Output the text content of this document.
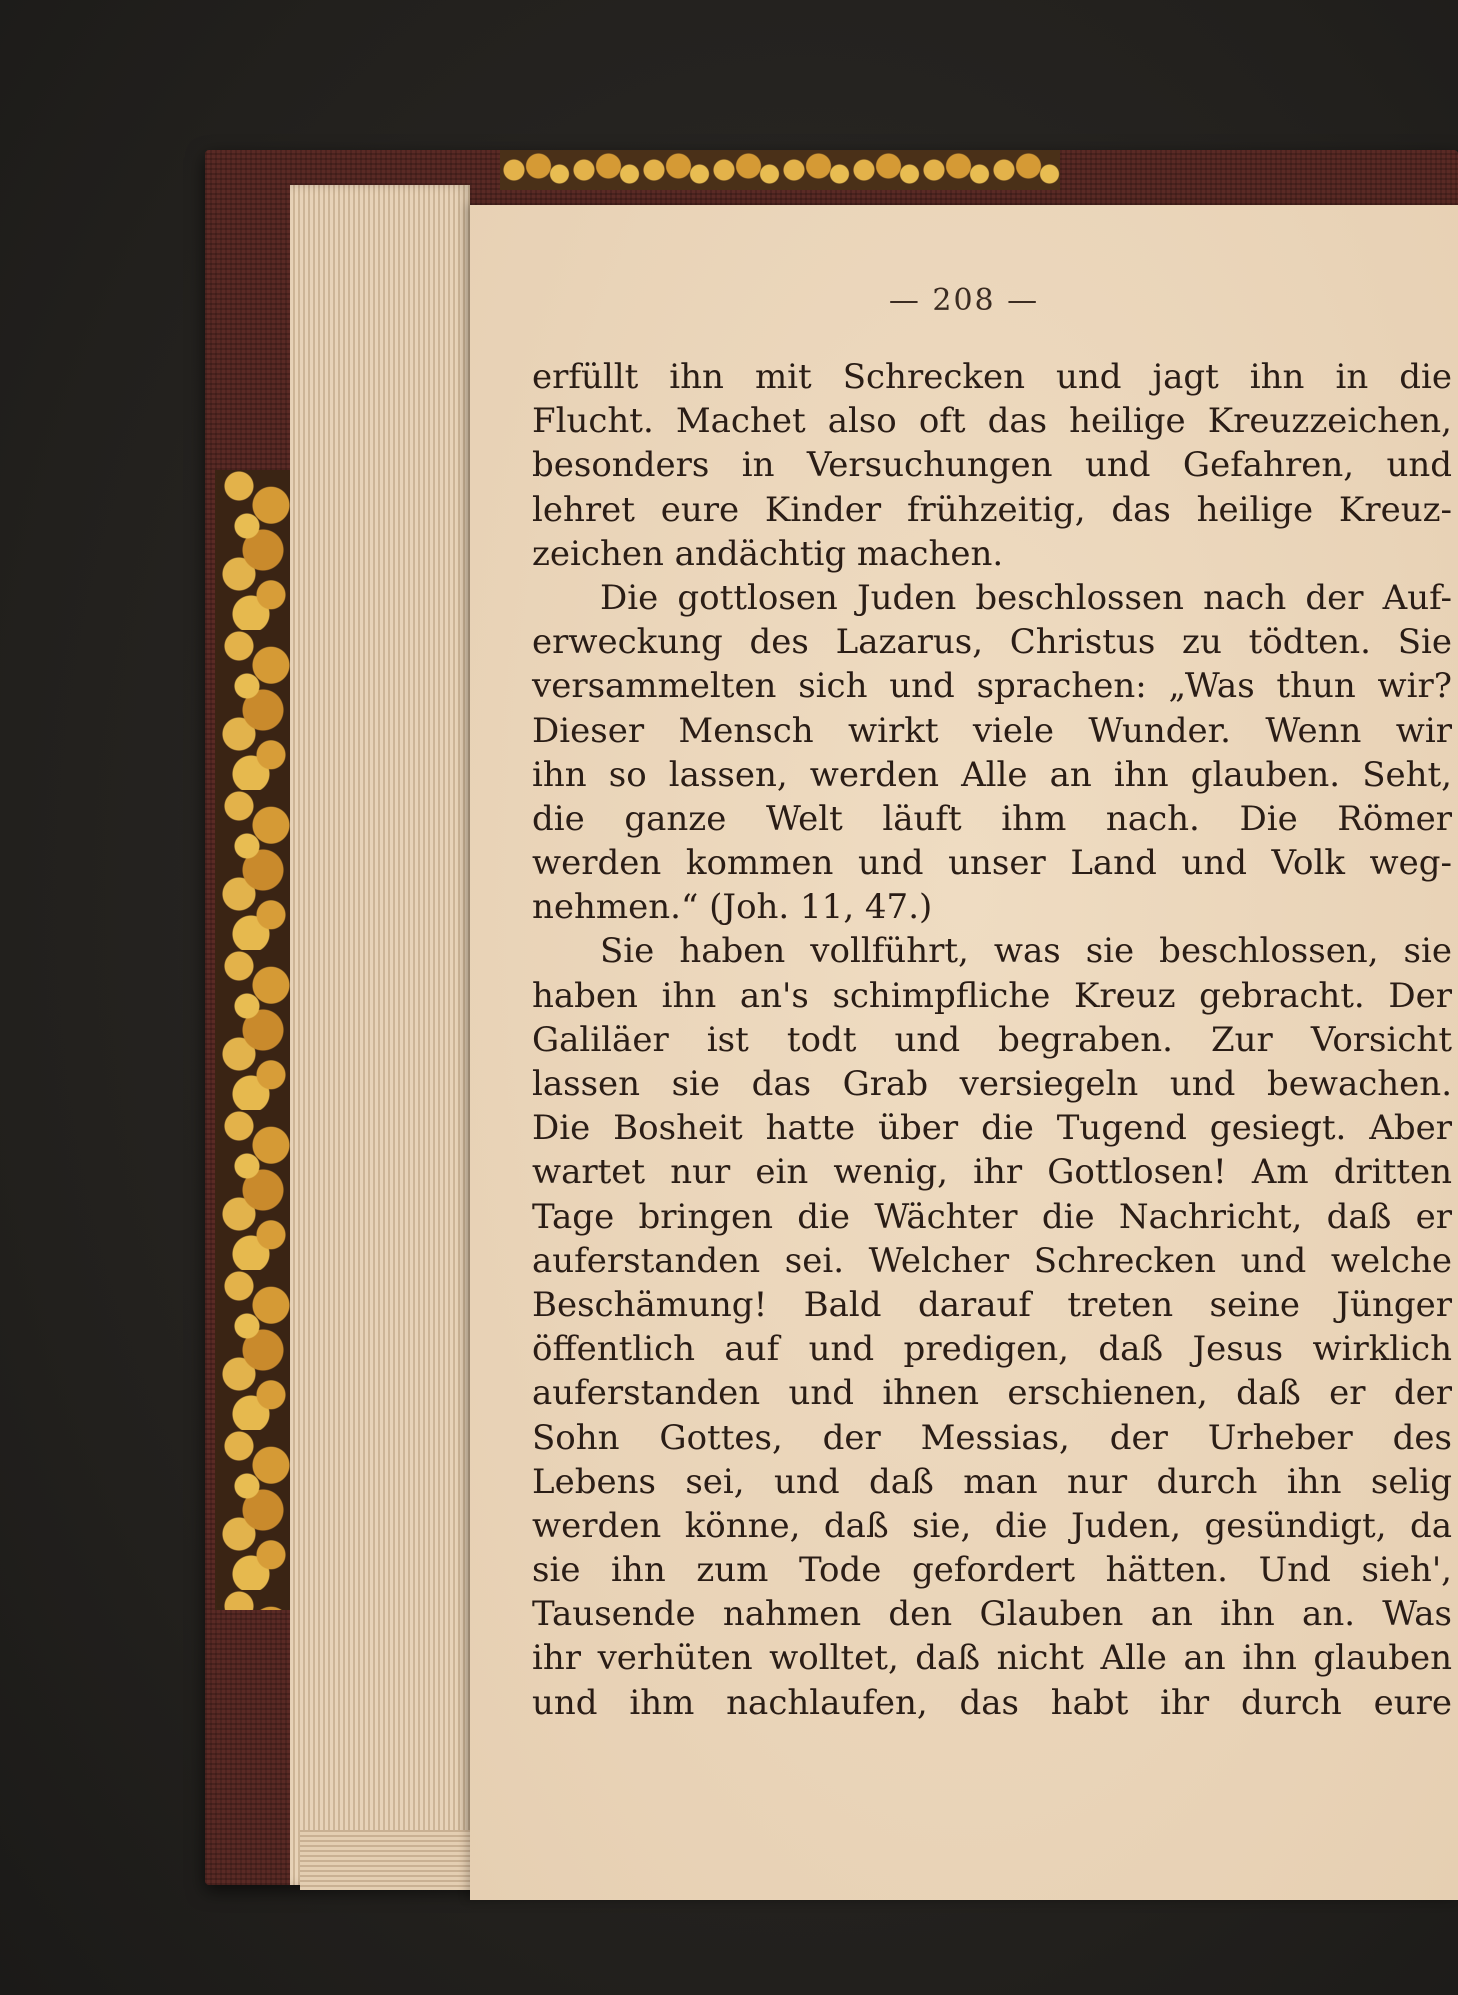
— 208 —
erfüllt ihn mit Schrecken und jagt ihn in die
Flucht. Machet also oft das heilige Kreuzzeichen,
besonders in Versuchungen und Gefahren, und
lehret eure Kinder frühzeitig, das heilige Kreuz-
zeichen andächtig machen.
Die gottlosen Juden beschlossen nach der Auf-
erweckung des Lazarus, Christus zu tödten. Sie
versammelten sich und sprachen: „Was thun wir?
Dieser Mensch wirkt viele Wunder. Wenn wir
ihn so lassen, werden Alle an ihn glauben. Seht,
die ganze Welt läuft ihm nach. Die Römer
werden kommen und unser Land und Volk weg-
nehmen.“ (Joh. 11, 47.)
Sie haben vollführt, was sie beschlossen, sie
haben ihn an's schimpfliche Kreuz gebracht. Der
Galiläer ist todt und begraben. Zur Vorsicht
lassen sie das Grab versiegeln und bewachen.
Die Bosheit hatte über die Tugend gesiegt. Aber
wartet nur ein wenig, ihr Gottlosen! Am dritten
Tage bringen die Wächter die Nachricht, daß er
auferstanden sei. Welcher Schrecken und welche
Beschämung! Bald darauf treten seine Jünger
öffentlich auf und predigen, daß Jesus wirklich
auferstanden und ihnen erschienen, daß er der
Sohn Gottes, der Messias, der Urheber des
Lebens sei, und daß man nur durch ihn selig
werden könne, daß sie, die Juden, gesündigt, da
sie ihn zum Tode gefordert hätten. Und sieh',
Tausende nahmen den Glauben an ihn an. Was
ihr verhüten wolltet, daß nicht Alle an ihn glauben
und ihm nachlaufen, das habt ihr durch eure
